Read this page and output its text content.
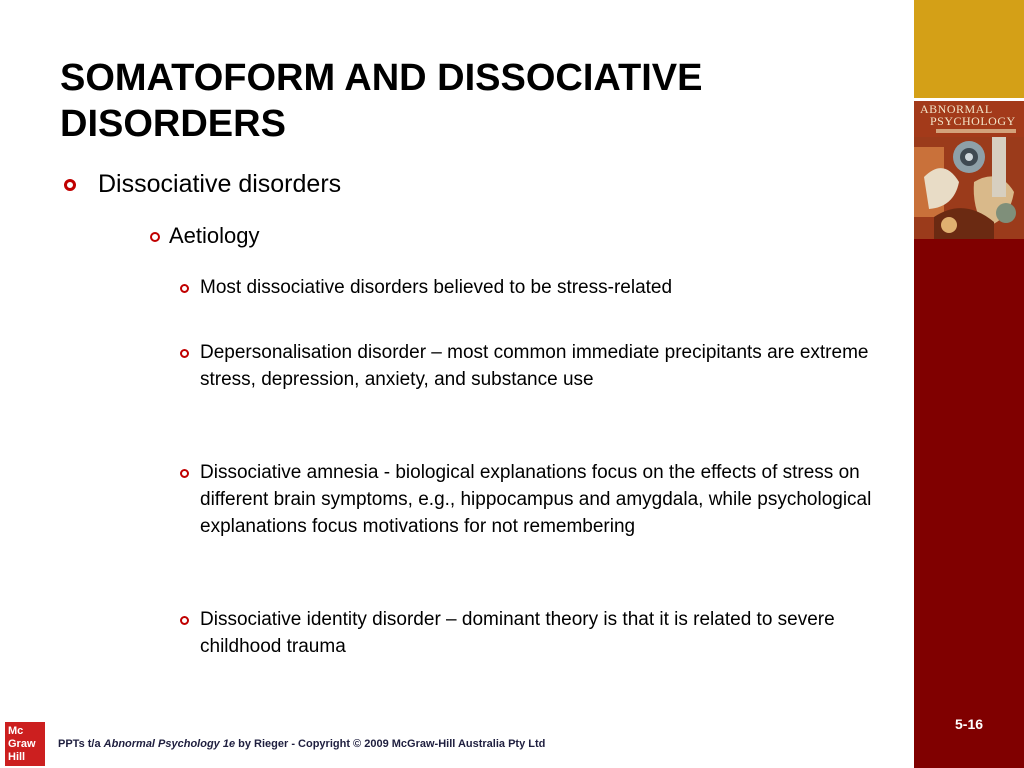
SOMATOFORM AND DISSOCIATIVE
DISORDERS
Dissociative disorders
Aetiology
Most dissociative disorders believed to be stress-related
Depersonalisation disorder – most common immediate precipitants are extreme stress, depression, anxiety, and substance use
Dissociative amnesia - biological explanations focus on the effects of stress on different brain symptoms, e.g., hippocampus and amygdala, while psychological explanations focus motivations for not remembering
Dissociative identity disorder – dominant theory is that it is related to severe childhood trauma
ABNORMAL
PSYCHOLOGY
5-16
Mc
Graw
Hill
PPTs t/a Abnormal Psychology 1e by Rieger - Copyright © 2009 McGraw-Hill Australia Pty Ltd
